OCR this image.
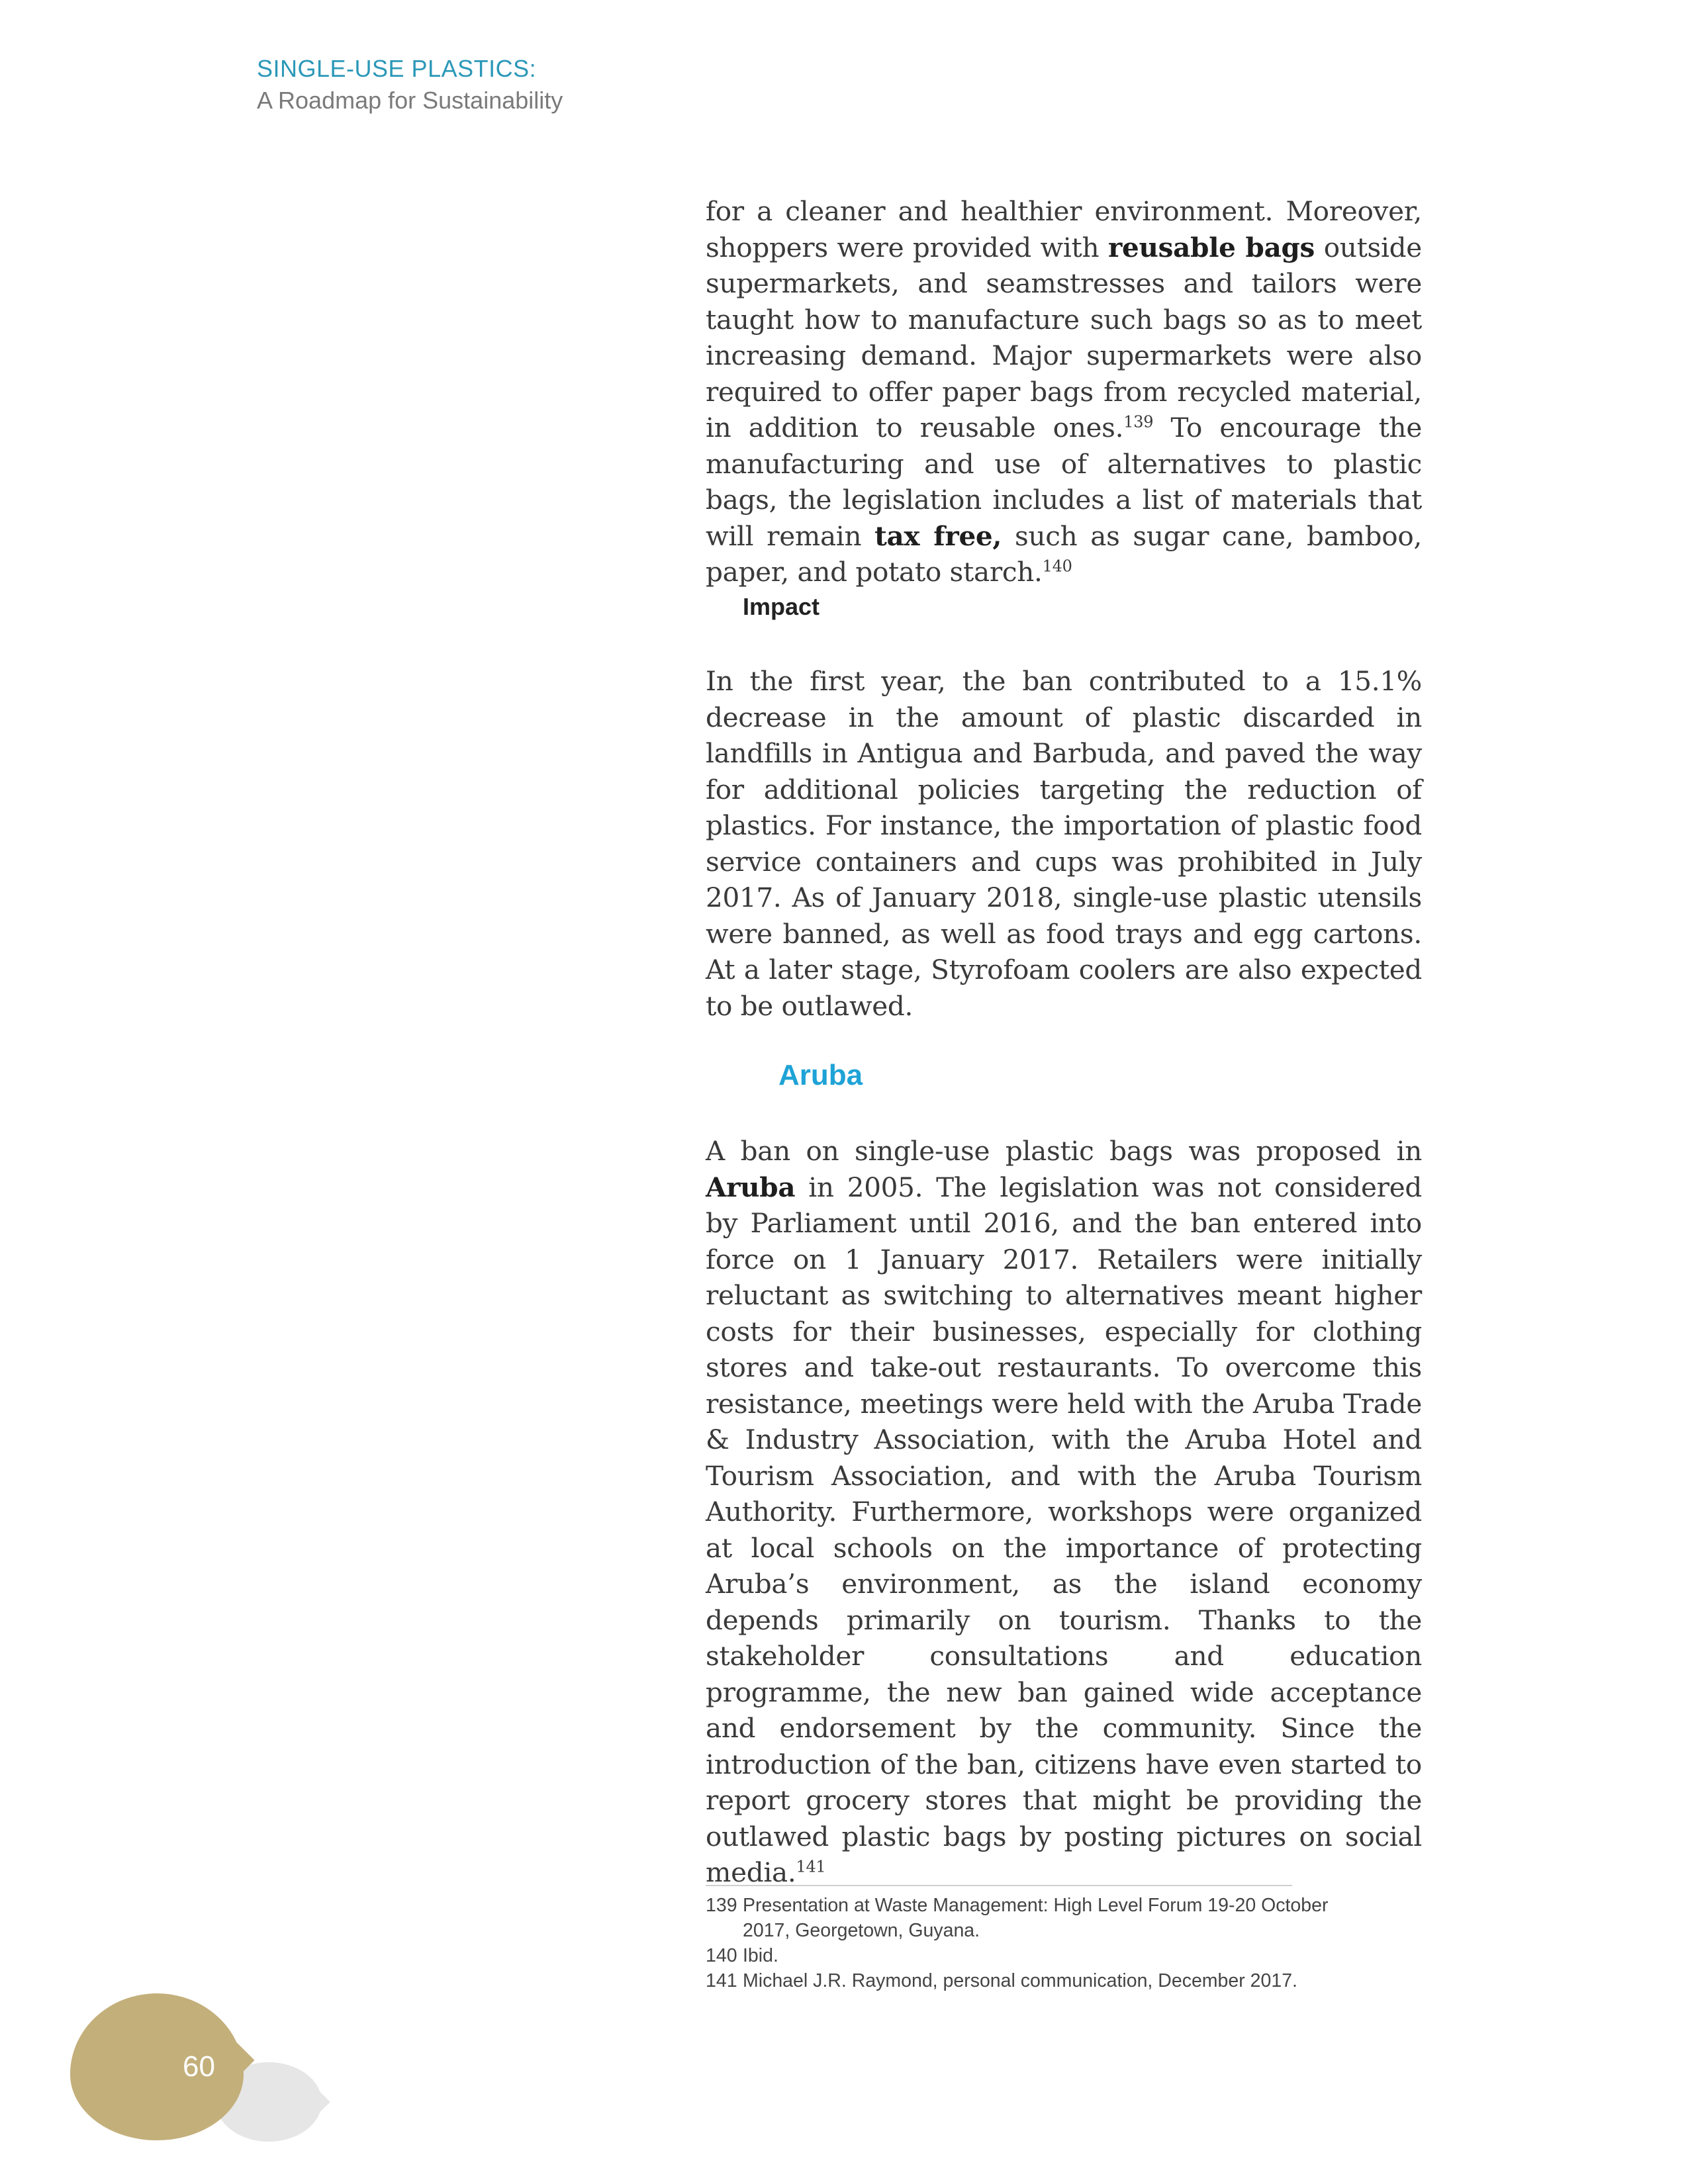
SINGLE-USE PLASTICS:
A Roadmap for Sustainability

for a cleaner and healthier environment. Moreover, shoppers were provided with reusable bags outside supermarkets, and seamstresses and tailors were taught how to manufacture such bags so as to meet increasing demand. Major supermarkets were also required to offer paper bags from recycled material, in addition to reusable ones.$^{139}$ To encourage the manufacturing and use of alternatives to plastic bags, the legislation includes a list of materials that will remain tax free, such as sugar cane, bamboo, paper, and potato starch.$^{140}$

Impact

In the first year, the ban contributed to a 15.1% decrease in the amount of plastic discarded in landfills in Antigua and Barbuda, and paved the way for additional policies targeting the reduction of plastics. For instance, the importation of plastic food service containers and cups was prohibited in July 2017. As of January 2018, single-use plastic utensils were banned, as well as food trays and egg cartons. At a later stage, Styrofoam coolers are also expected to be outlawed.

Aruba

A ban on single-use plastic bags was proposed in Aruba in 2005. The legislation was not considered by Parliament until 2016, and the ban entered into force on 1 January 2017. Retailers were initially reluctant as switching to alternatives meant higher costs for their businesses, especially for clothing stores and take-out restaurants. To overcome this resistance, meetings were held with the Aruba Trade & Industry Association, with the Aruba Hotel and Tourism Association, and with the Aruba Tourism Authority. Furthermore, workshops were organized at local schools on the importance of protecting Aruba’s environment, as the island economy depends primarily on tourism. Thanks to the stakeholder consultations and education programme, the new ban gained wide acceptance and endorsement by the community. Since the introduction of the ban, citizens have even started to report grocery stores that might be providing the outlawed plastic bags by posting pictures on social media.$^{141}$

139 Presentation at Waste Management: High Level Forum 19-20 October 2017, Georgetown, Guyana.
140 Ibid.
141 Michael J.R. Raymond, personal communication, December 2017.
60
